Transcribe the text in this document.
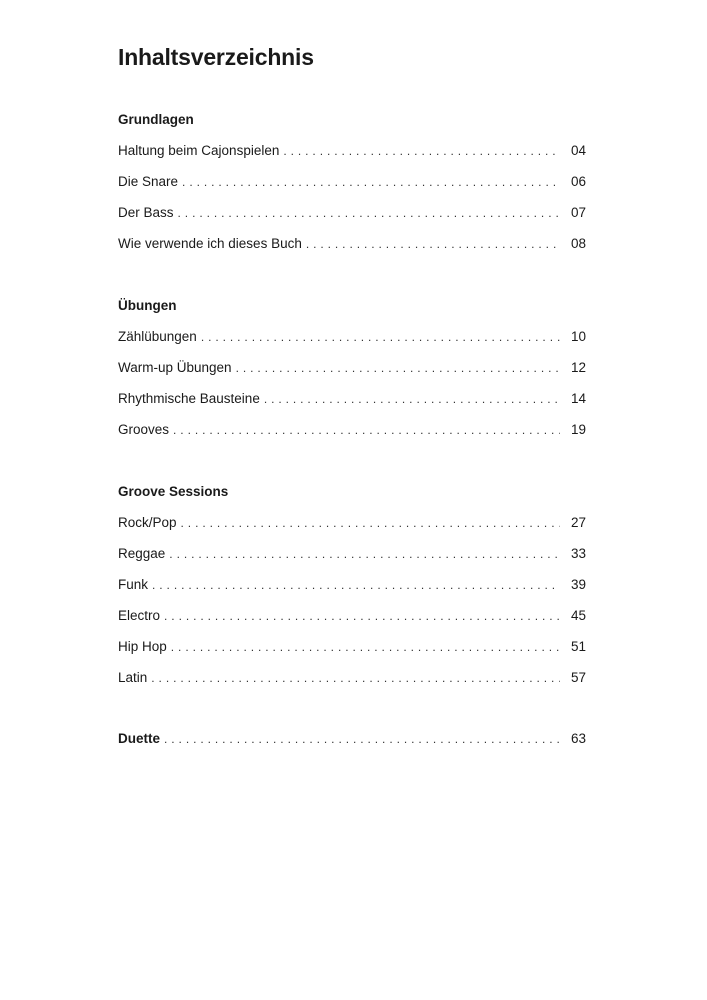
Inhaltsverzeichnis
Grundlagen
Haltung beim Cajonspielen . . .	04
Die Snare . . .	06
Der Bass . . .	07
Wie verwende ich dieses Buch . . .	08
Übungen
Zählübungen . . .	10
Warm-up Übungen . . .	12
Rhythmische Bausteine . . .	14
Grooves . . .	19
Groove Sessions
Rock/Pop . . .	27
Reggae . . .	33
Funk . . .	39
Electro . . .	45
Hip Hop . . .	51
Latin . . .	57
Duette . . .	63
